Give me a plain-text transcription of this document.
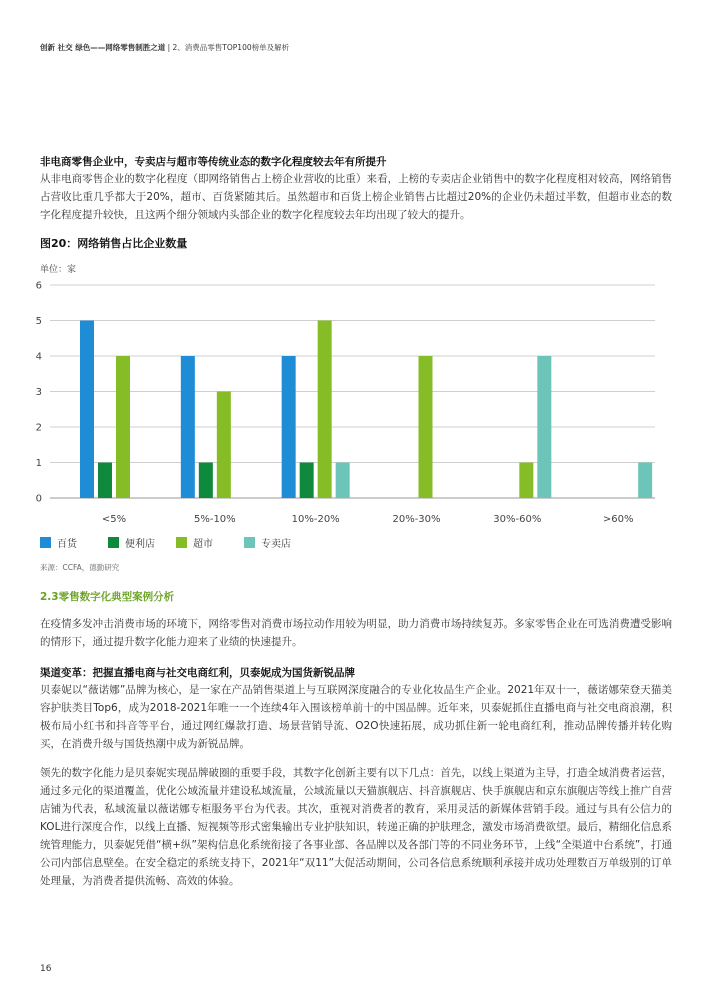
创新 社交 绿色——网络零售制胜之道 | 2、消费品零售TOP100榜单及解析
非电商零售企业中，专卖店与超市等传统业态的数字化程度较去年有所提升
从非电商零售企业的数字化程度（即网络销售占上榜企业营收的比重）来看，上榜的专卖店企业销售中的数字化程度相对较高，网络销售占营收比重几乎都大于20%，超市、百货紧随其后。虽然超市和百货上榜企业销售占比超过20%的企业仍未超过半数，但超市业态的数字化程度提升较快，且这两个细分领域内头部企业的数字化程度较去年均出现了较大的提升。
图20：网络销售占比企业数量
单位：家
0
1
2
3
4
5
6
<5%	5%-10%	10%-20%	20%-30%	30%-60%	>60%
百货	便利店	超市	专卖店
来源：CCFA，德勤研究
2.3零售数字化典型案例分析
在疫情多发冲击消费市场的环境下，网络零售对消费市场拉动作用较为明显，助力消费市场持续复苏。多家零售企业在可选消费遭受影响的情形下，通过提升数字化能力迎来了业绩的快速提升。
渠道变革：把握直播电商与社交电商红利，贝泰妮成为国货新锐品牌
贝泰妮以“薇诺娜”品牌为核心，是一家在产品销售渠道上与互联网深度融合的专业化妆品生产企业。2021年双十一，薇诺娜荣登天猫美容护肤类目Top6，成为2018-2021年唯一一个连续4年入围该榜单前十的中国品牌。近年来，贝泰妮抓住直播电商与社交电商浪潮，积极布局小红书和抖音等平台，通过网红爆款打造、场景营销导流、O2O快速拓展，成功抓住新一轮电商红利，推动品牌传播并转化购买，在消费升级与国货热潮中成为新锐品牌。
领先的数字化能力是贝泰妮实现品牌破圈的重要手段，其数字化创新主要有以下几点：首先，以线上渠道为主导，打造全域消费者运营，通过多元化的渠道覆盖，优化公域流量并建设私域流量，公域流量以天猫旗舰店、抖音旗舰店、快手旗舰店和京东旗舰店等线上推广自营店铺为代表，私域流量以薇诺娜专柜服务平台为代表。其次，重视对消费者的教育，采用灵活的新媒体营销手段。通过与具有公信力的KOL进行深度合作，以线上直播、短视频等形式密集输出专业护肤知识，转递正确的护肤理念，激发市场消费欲望。最后，精细化信息系统管理能力，贝泰妮凭借“横+纵”架构信息化系统衔接了各事业部、各品牌以及各部门等的不同业务环节，上线“全渠道中台系统”，打通公司内部信息壁垒。在安全稳定的系统支持下，2021年“双11”大促活动期间，公司各信息系统顺利承接并成功处理数百万单级别的订单处理量，为消费者提供流畅、高效的体验。
16
